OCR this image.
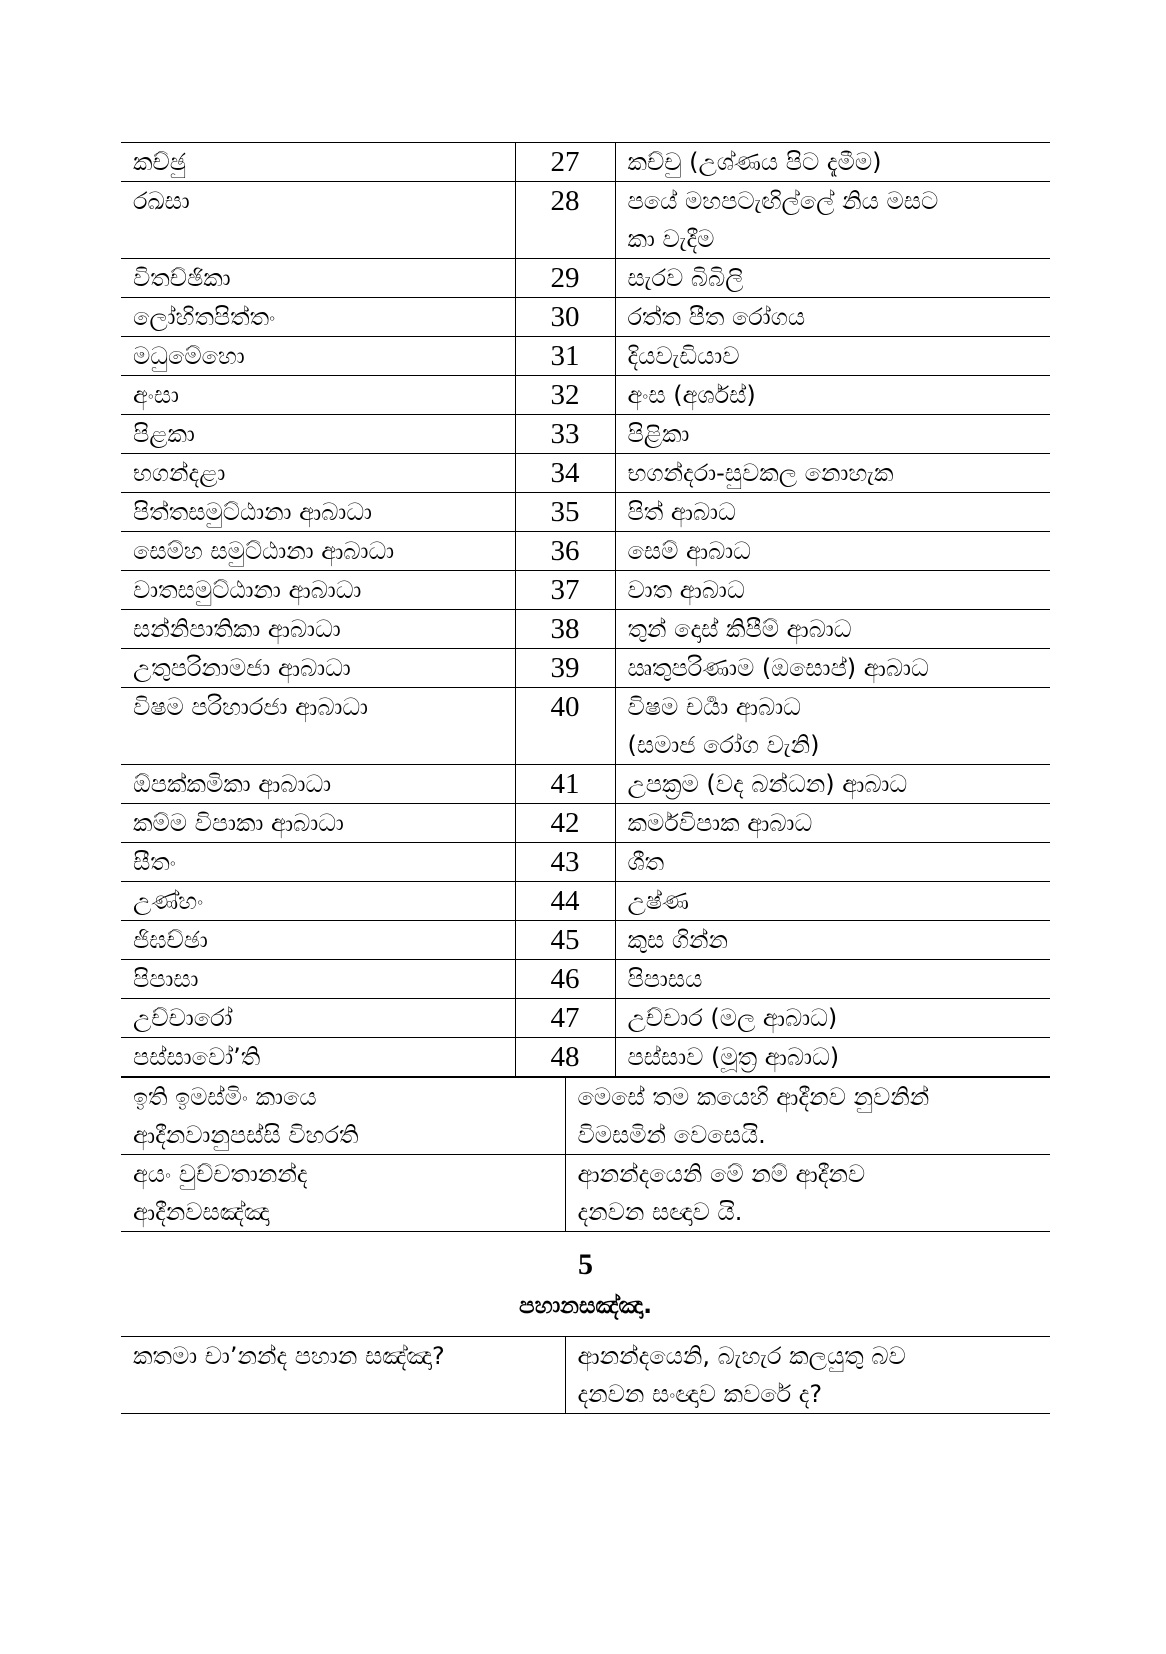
කච්ඡු	27	කච්චු (උශ්ණය පිට දැමීම)

රඛසා	28	පයේ මහපටැඟිල්ලේ නිය මසට
කා වැදීම

විතච්ඡිකා	29	සැරව බිබිලි

ලෝහිතපිත්තං	30	රත්ත පීත රෝගය

මධුමේහො	31	දියවැඩියාව

අංසා	32	අංස (අර්ශස්)

පිළකා	33	පිළිකා

භගන්දළා	34	භගන්දරා-සුවකල නොහැක

පිත්තසමුට්ඨානා ආබාධා	35	පිත් ආබාධ

සෙම්හ සමුට්ඨානා ආබාධා	36	සෙම් ආබාධ

වාතසමුට්ඨානා ආබාධා	37	වාත ආබාධ

සන්නිපාතිකා ආබාධා	38	තුන් දොස් කිපීම් ආබාධ

උතුපරිනාමජා ආබාධා	39	ඍතුපරිණාම (ඔසොප්) ආබාධ

විෂම පරිහාරජා ආබාධා	40	විෂම චර්‍යා ආබාධ
(සමාජ රෝග වැනි)

ඕපක්කමිකා ආබාධා	41	උපක්‍රම (වද බන්ධන) ආබාධ

කම්ම විපාකා ආබාධා	42	කර්මවිපාක ආබාධ

සීතං	43	ශීත

උණ්හං	44	උෂ්ණ

ජිඝච්ඡා	45	කුස ගින්න

පිපාසා	46	පිපාසය

උච්චාරෝ	47	උච්චාර (මල ආබාධ)

පස්සාවෝ’ති	48	පස්සාව (මූත්‍ර ආබාධ)
ඉති ඉමස්මිං කායෙ
ආදීනවානුපස්සි විහරති	මෙසේ තම කයෙහි ආදීනව නුවනින්
විමසමින් වෙසෙයි.

අයං වුච්චතානන්ද
ආදීනවසඤ්ඤා	ආනන්දයෙනි මේ නම් ආදීනව
දනවන සඥාව යි.
5
පහානසඤ්ඤා.
කතමා චා’නන්ද පහාන සඤ්ඤා?	ආනන්දයෙනි, බැහැර කලයුතු බව
දනවන සංඥාව කවරේ ද?
